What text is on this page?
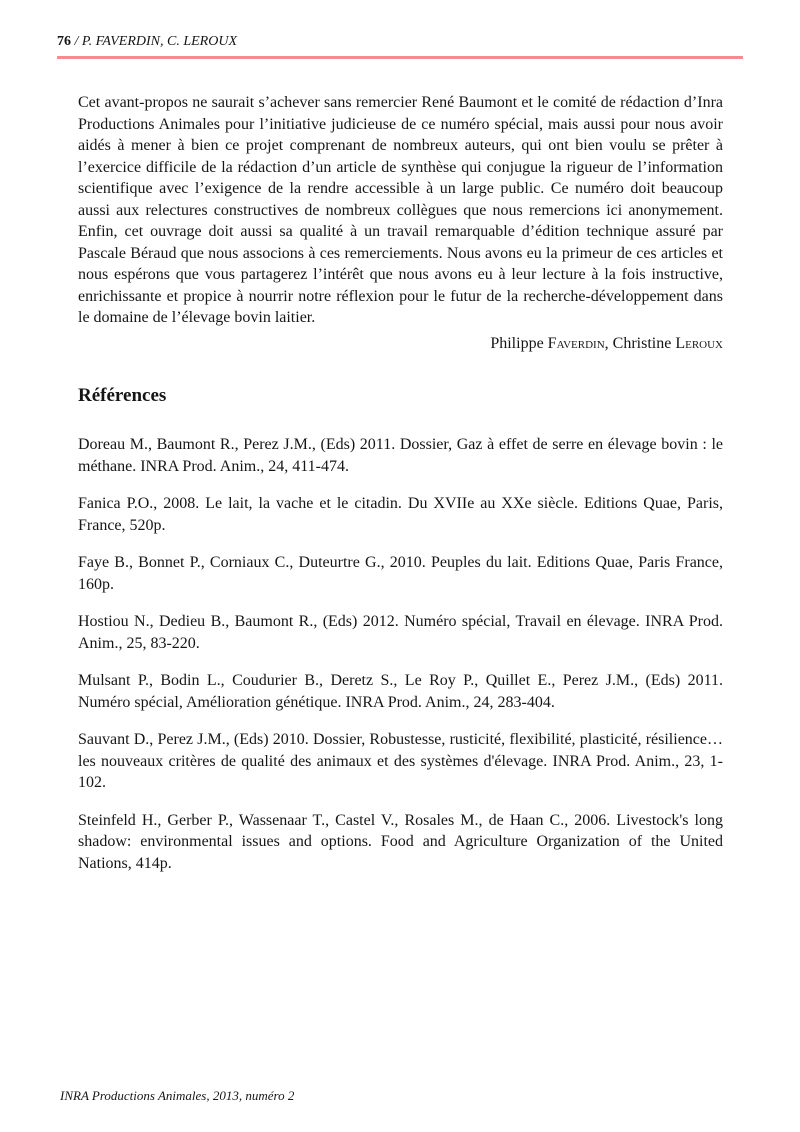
76 / P. FAVERDIN, C. LEROUX

Cet avant-propos ne saurait s’achever sans remercier René Baumont et le comité de rédaction d’Inra Productions Animales pour l’initiative judicieuse de ce numéro spécial, mais aussi pour nous avoir aidés à mener à bien ce projet comprenant de nombreux auteurs, qui ont bien voulu se prêter à l’exercice difficile de la rédaction d’un article de synthèse qui conjugue la rigueur de l’information scientifique avec l’exigence de la rendre accessible à un large public. Ce numéro doit beaucoup aussi aux relectures constructives de nombreux collègues que nous remercions ici anonymement. Enfin, cet ouvrage doit aussi sa qualité à un travail remarquable d’édition technique assuré par Pascale Béraud que nous associons à ces remerciements. Nous avons eu la primeur de ces articles et nous espérons que vous partagerez l’intérêt que nous avons eu à leur lecture à la fois instructive, enrichissante et propice à nourrir notre réflexion pour le futur de la recherche-développement dans le domaine de l’élevage bovin laitier.

Philippe Faverdin, Christine Leroux

Références

Doreau M., Baumont R., Perez J.M., (Eds) 2011. Dossier, Gaz à effet de serre en élevage bovin : le méthane. INRA Prod. Anim., 24, 411-474.

Fanica P.O., 2008. Le lait, la vache et le citadin. Du XVIIe au XXe siècle. Editions Quae, Paris, France, 520p.

Faye B., Bonnet P., Corniaux C., Duteurtre G., 2010. Peuples du lait. Editions Quae, Paris France, 160p.

Hostiou N., Dedieu B., Baumont R., (Eds) 2012. Numéro spécial, Travail en élevage. INRA Prod. Anim., 25, 83-220.

Mulsant P., Bodin L., Coudurier B., Deretz S., Le Roy P., Quillet E., Perez J.M., (Eds) 2011. Numéro spécial, Amélioration génétique. INRA Prod. Anim., 24, 283-404.

Sauvant D., Perez J.M., (Eds) 2010. Dossier, Robustesse, rusticité, flexibilité, plasticité, résilience… les nouveaux critères de qualité des animaux et des systèmes d'élevage. INRA Prod. Anim., 23, 1-102.

Steinfeld H., Gerber P., Wassenaar T., Castel V., Rosales M., de Haan C., 2006. Livestock's long shadow: environmental issues and options. Food and Agriculture Organization of the United Nations, 414p.

INRA Productions Animales, 2013, numéro 2
